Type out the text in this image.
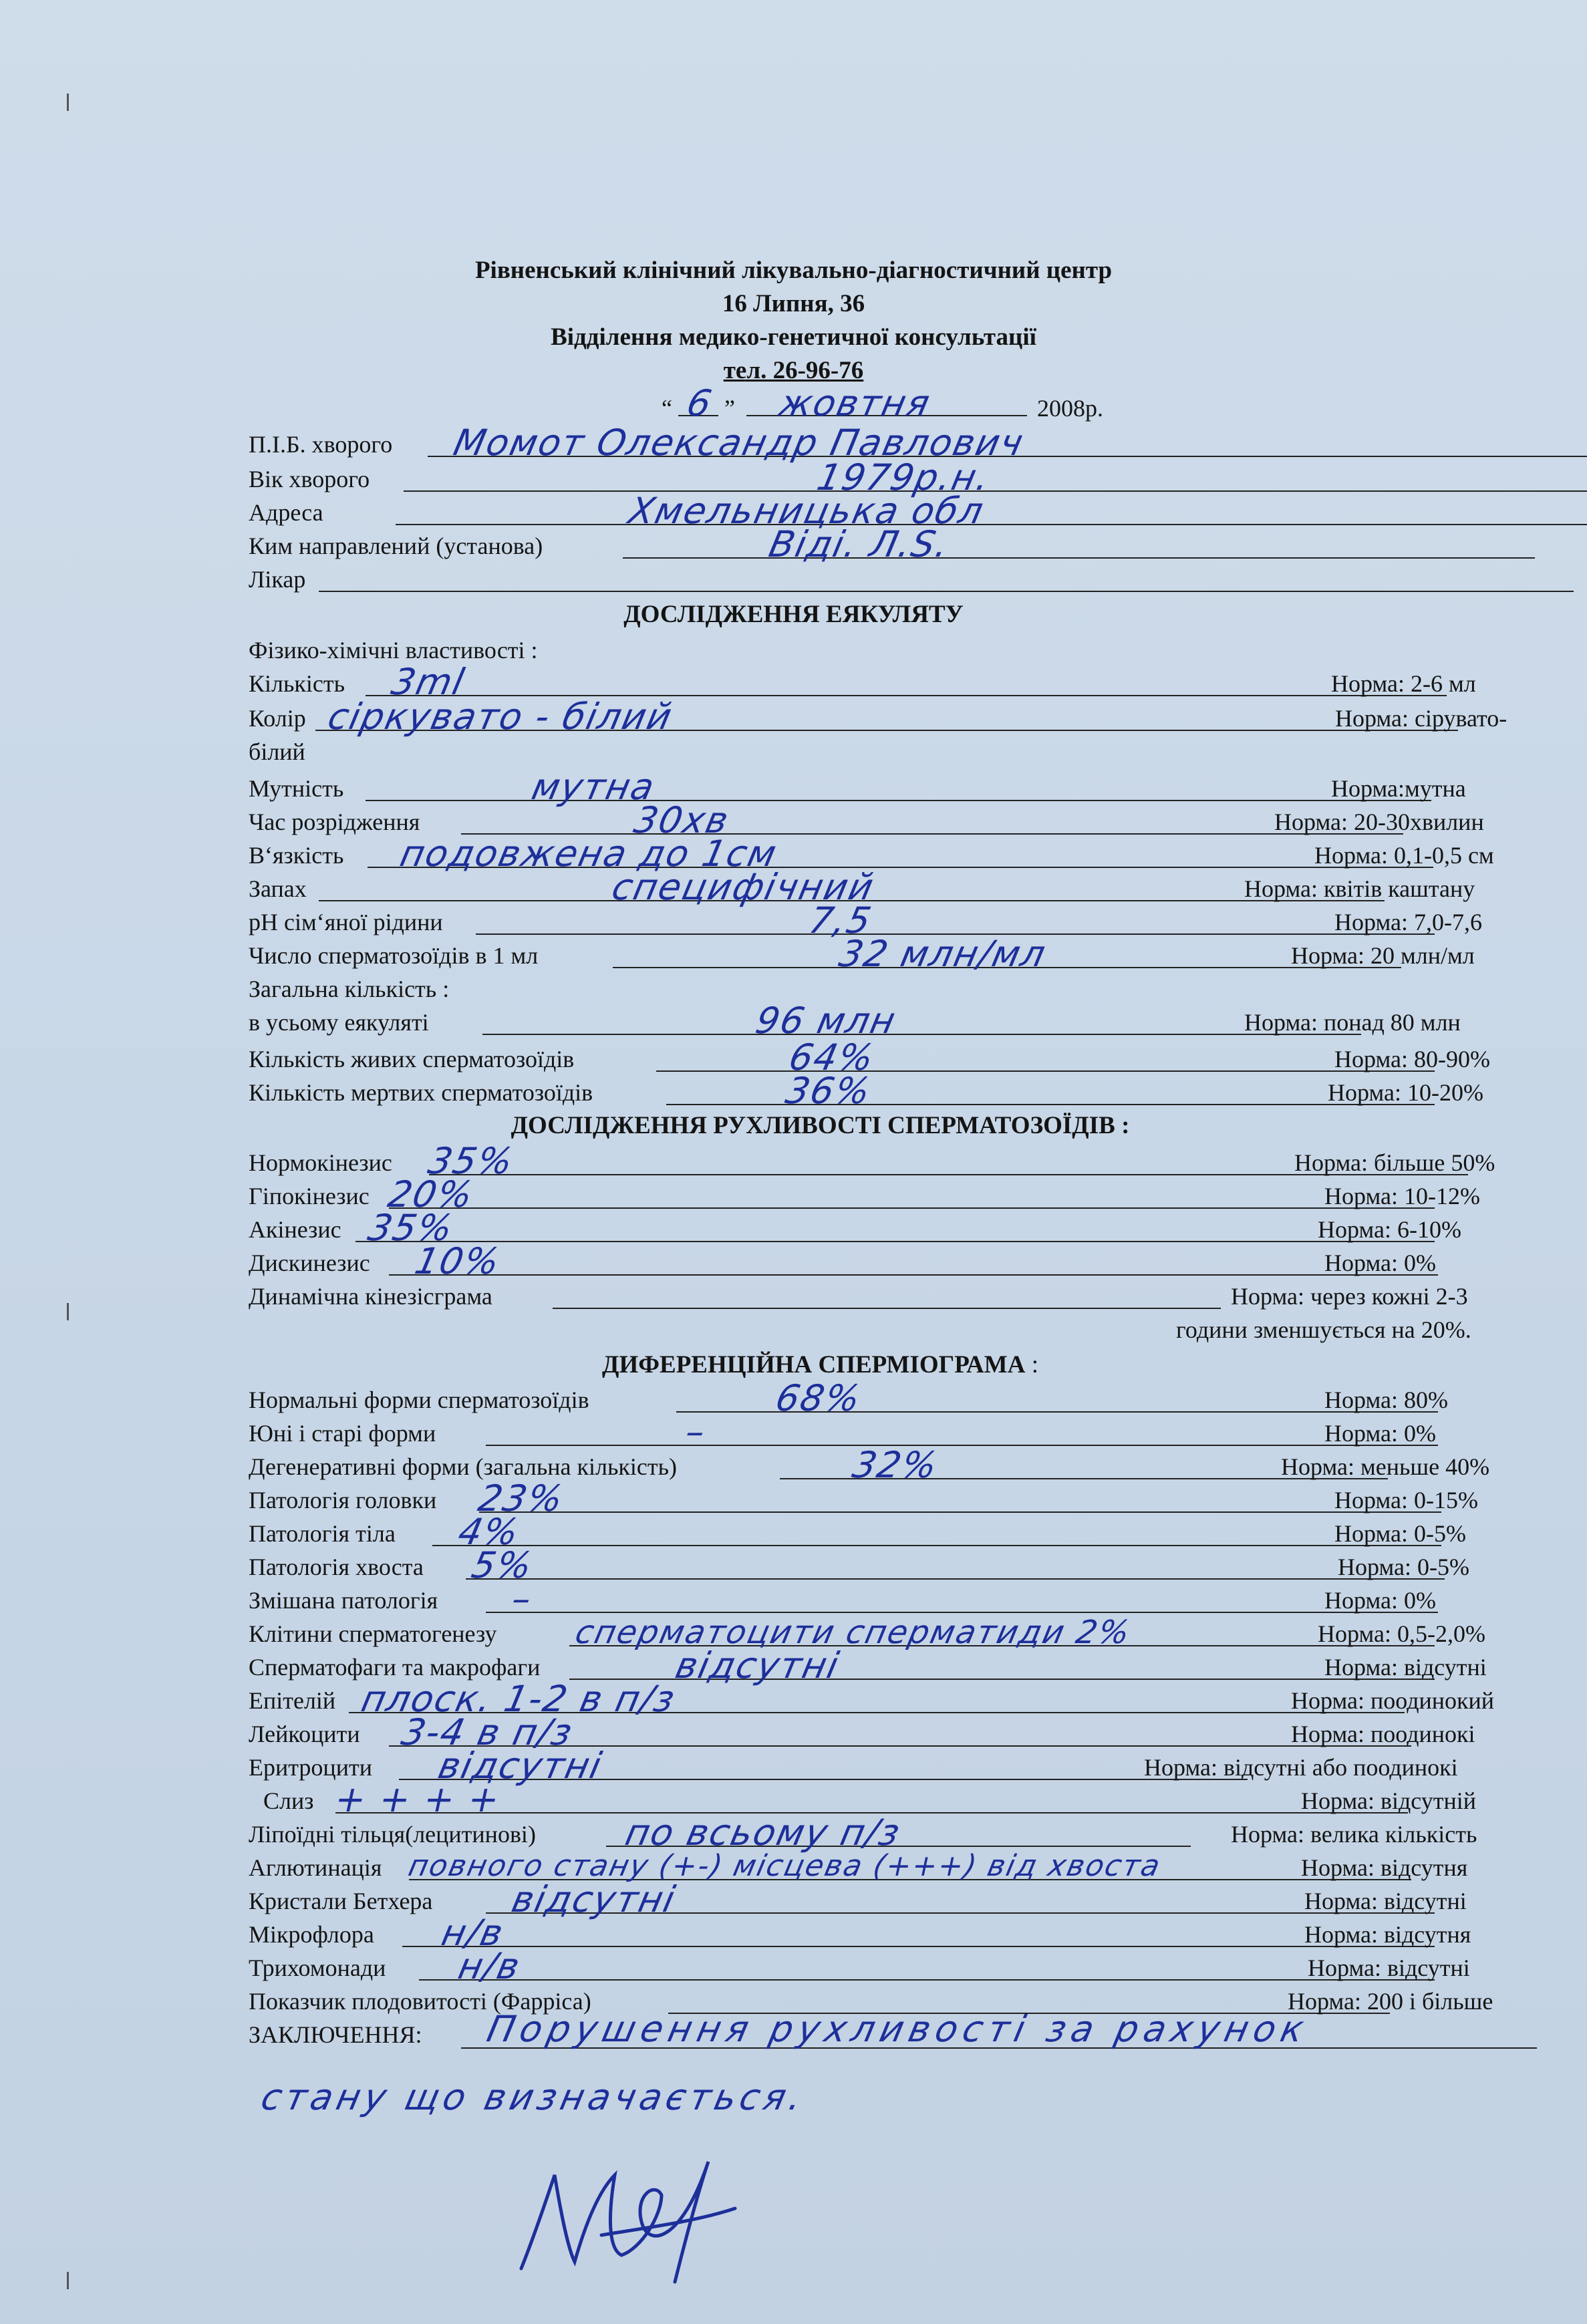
Рівненський клінічний лікувально-діагностичний центр
16 Липня, 36
Відділення медико-генетичної консультації
тел. 26-96-76
“ 6 ” жовтня	2008р.
П.І.Б. хворого Момот Олександр Павлович
Вік хворого	1979р.н.
Адреса	Хмельницька обл
Ким направлений (установа)	Віді. Л.Ѕ.
Лікар
ДОСЛІДЖЕННЯ ЕЯКУЛЯТУ
Фізико-хімічні властивості :
Кількість 3ml	Норма: 2-6 мл
Колір сіркувато - білий	Норма: сірувато-
білий
Мутність	мутна	Норма:мутна
Час розрідження	30хв	Норма: 20-30хвилин
В‘язкість подовжена до 1см	Норма: 0,1-0,5 см
Запах	специфічний	Норма: квітів каштану
рН сім‘яної рідини	7,5	Норма: 7,0-7,6
Число сперматозоїдів в 1 мл	32 млн/мл	Норма: 20 млн/мл
Загальна кількість :
в усьому еякуляті	96 млн	Норма: понад 80 млн
Кількість живих сперматозоїдів	64%	Норма: 80-90%
Кількість мертвих сперматозоїдів	36%	Норма: 10-20%
ДОСЛІДЖЕННЯ РУХЛИВОСТІ СПЕРМАТОЗОЇДІВ :
Нормокінезис 35%	Норма: більше 50%
Гіпокінезис 20%	Норма: 10-12%
Акінезис 35%	Норма: 6-10%
Дискинезис 10%	Норма: 0%
Динамічна кінезісграма	Норма: через кожні 2-3
години зменшується на 20%.
ДИФЕРЕНЦІЙНА СПЕРМІОГРАМА :
Нормальні форми сперматозоїдів	68%	Норма: 80%
Юні і старі форми	–	Норма: 0%
Дегенеративні форми (загальна кількість)	32%	Норма: меньше 40%
Патологія головки 23%	Норма: 0-15%
Патологія тіла 4%	Норма: 0-5%
Патологія хвоста 5%	Норма: 0-5%
Змішана патологія –	Норма: 0%
Клітини сперматогенезу сперматоцити сперматиди 2%	Норма: 0,5-2,0%
Сперматофаги та макрофаги	відсутні	Норма: відсутні
Епітелій плоск. 1-2 в п/з	Норма: поодинокий
Лейкоцити 3-4 в п/з	Норма: поодинокі
Еритроцити відсутні	Норма: відсутні або поодинокі
Слиз + + + +	Норма: відсутній
Ліпоїдні тільця(лецитинові) по всьому п/з	Норма: велика кількість
Аглютинація повного стану (+-) місцева (+++) від хвоста	Норма: відсутня
Кристали Бетхера відсутні	Норма: відсутні
Мікрофлора н/в	Норма: відсутня
Трихомонади н/в	Норма: відсутні
Показчик плодовитості (Фарріса)	Норма: 200 і більше
ЗАКЛЮЧЕННЯ: Порушення рухливості за рахунок
стану що визначається.
